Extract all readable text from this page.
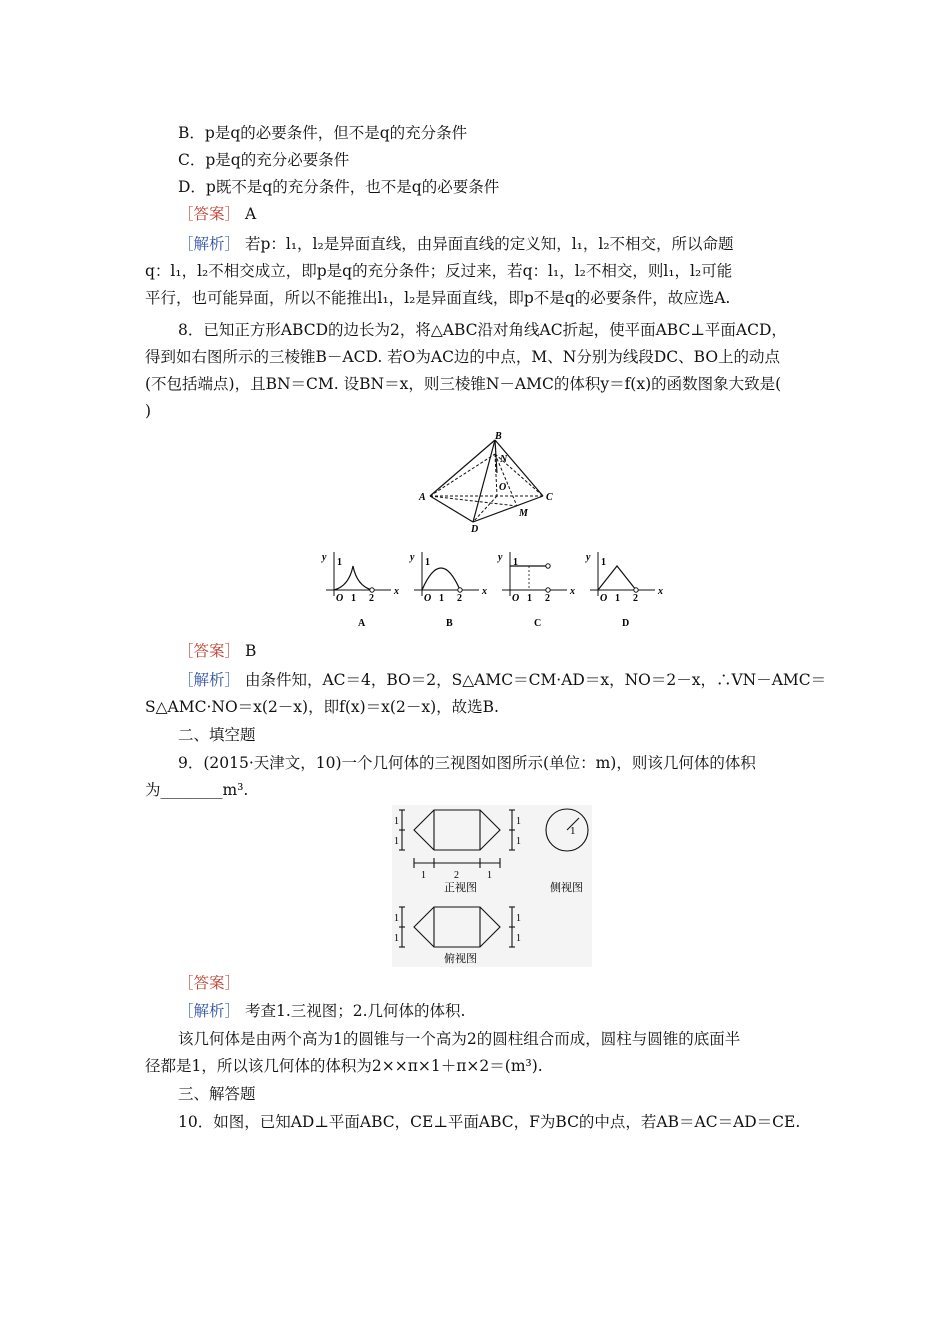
B．p是q的必要条件，但不是q的充分条件
C．p是q的充分必要条件
D．p既不是q的充分条件，也不是q的必要条件
［答案］ A
［解析］ 若p：l₁，l₂是异面直线，由异面直线的定义知，l₁，l₂不相交，所以命题
q：l₁，l₂不相交成立，即p是q的充分条件；反过来，若q：l₁，l₂不相交，则l₁，l₂可能
平行，也可能异面，所以不能推出l₁，l₂是异面直线，即p不是q的必要条件，故应选A.
8．已知正方形ABCD的边长为2，将△ABC沿对角线AC折起，使平面ABC⊥平面ACD，
得到如右图所示的三棱锥B－ACD. 若O为AC边的中点，M、N分别为线段DC、BO上的动点
(不包括端点)，且BN＝CM. 设BN＝x，则三棱锥N－AMC的体积y＝f(x)的函数图象大致是(
)
B
N
O
A	C
D
M
y
x
1
O 1 2
A
y
x
1
O 1 2
B
y
x
1
O 1 2
C
y
x
1
O 1 2
D
［答案］ B
［解析］ 由条件知，AC＝4，BO＝2，S△AMC＝CM·AD＝x，NO＝2－x，∴VN－AMC＝
S△AMC·NO＝x(2－x)，即f(x)＝x(2－x)，故选B.
二、填空题
9．(2015·天津文，10)一个几何体的三视图如图所示(单位：m)，则该几何体的体积
为________m³.
1
1
1
1
1	2	1
1
正视图	侧视图
1
1
1
1
俯视图
［答案］
［解析］ 考查1.三视图；2.几何体的体积.
该几何体是由两个高为1的圆锥与一个高为2的圆柱组合而成，圆柱与圆锥的底面半
径都是1，所以该几何体的体积为2××π×1＋π×2＝(m³).
三、解答题
10．如图，已知AD⊥平面ABC，CE⊥平面ABC，F为BC的中点，若AB＝AC＝AD＝CE.
